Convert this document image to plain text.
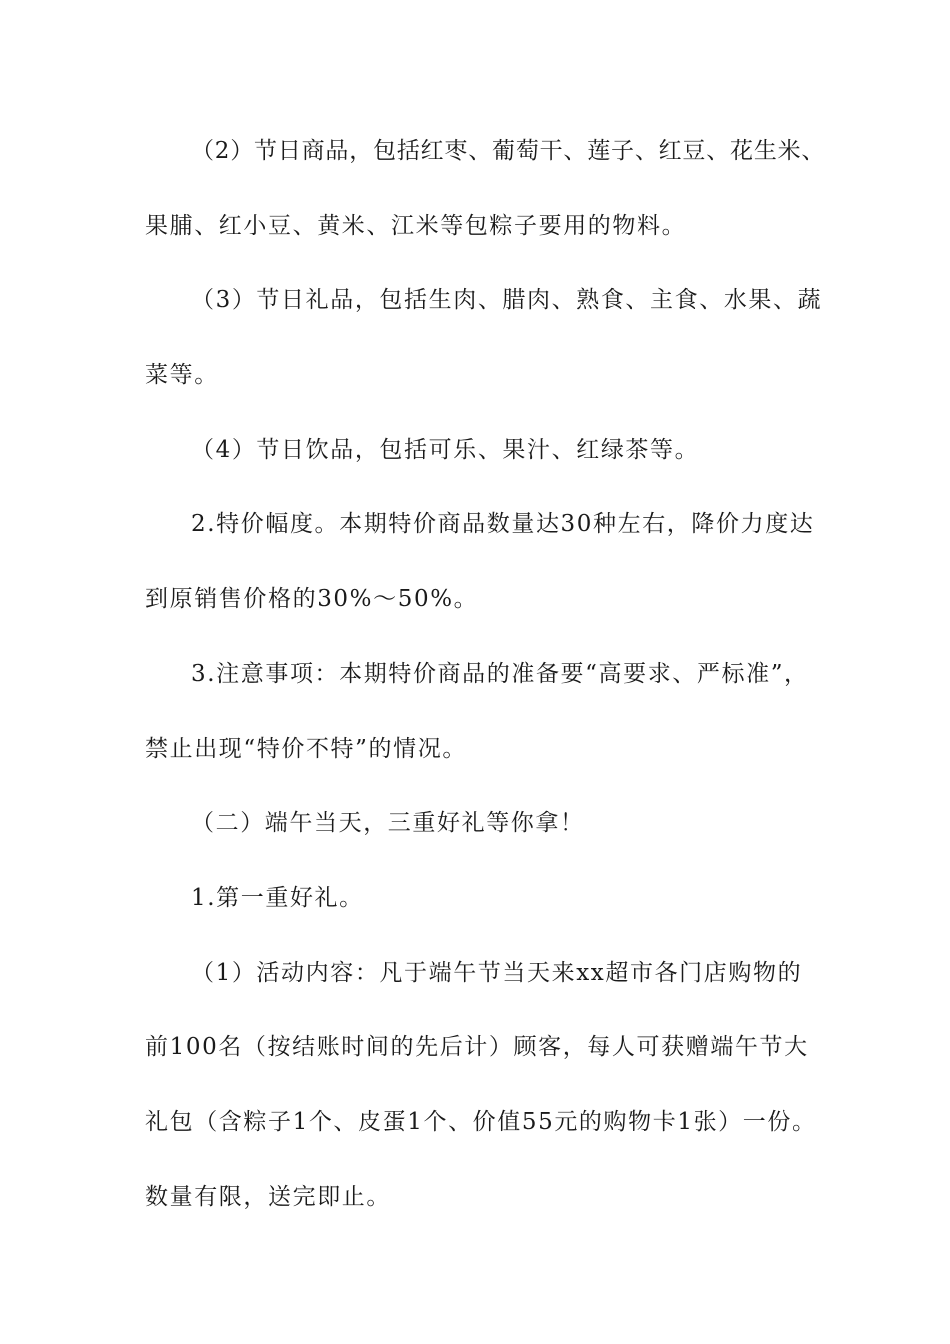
（2）节日商品，包括红枣、葡萄干、莲子、红豆、花生米、
果脯、红小豆、黄米、江米等包粽子要用的物料。
（3）节日礼品，包括生肉、腊肉、熟食、主食、水果、蔬
菜等。
（4）节日饮品，包括可乐、果汁、红绿茶等。
2.特价幅度。本期特价商品数量达30种左右，降价力度达
到原销售价格的30%～50%。
3.注意事项：本期特价商品的准备要“高要求、严标准”，
禁止出现“特价不特”的情况。
（二）端午当天，三重好礼等你拿！
1.第一重好礼。
（1）活动内容：凡于端午节当天来xx超市各门店购物的
前100名（按结账时间的先后计）顾客，每人可获赠端午节大
礼包（含粽子1个、皮蛋1个、价值55元的购物卡1张）一份。
数量有限，送完即止。
